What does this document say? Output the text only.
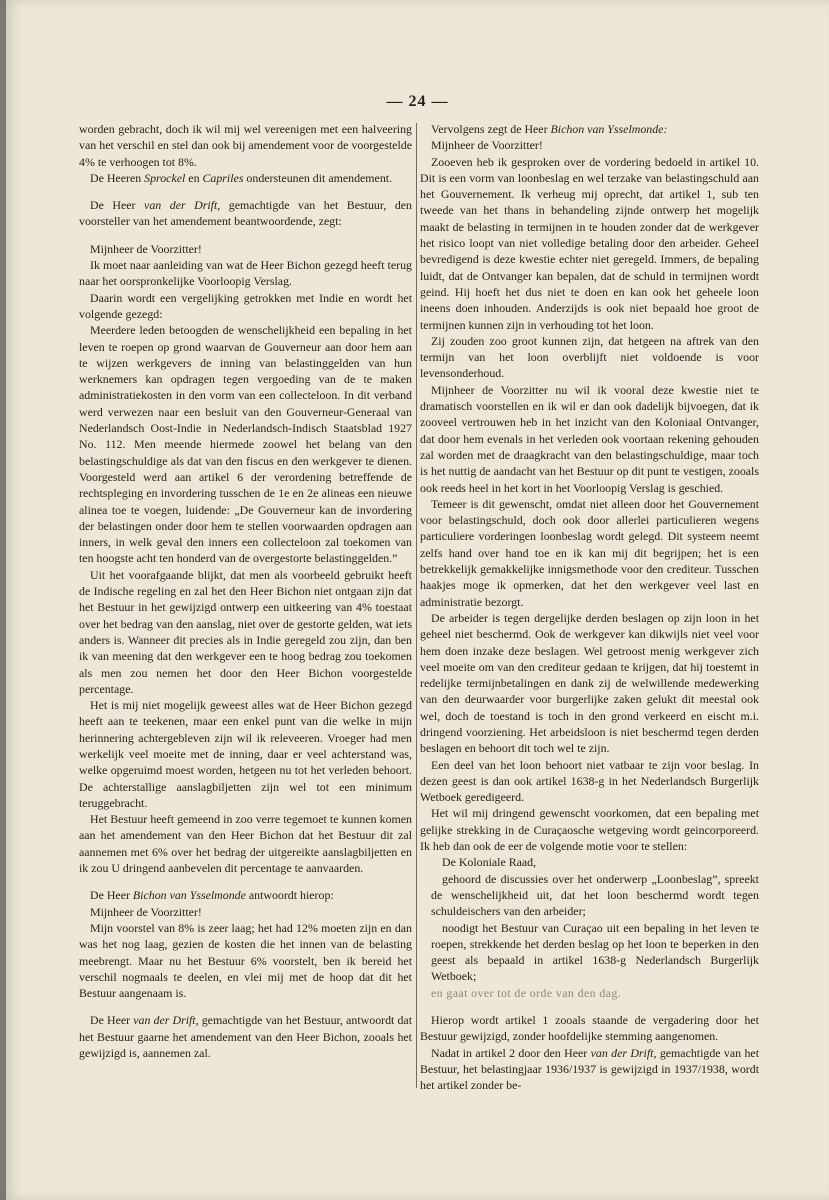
— 24 —

worden gebracht, doch ik wil mij wel vereenigen met een halveering van het verschil en stel dan ook bij amendement voor de voorgestelde 4% te verhoogen tot 8%.

De Heeren Sprockel en Capriles ondersteunen dit amendement.

De Heer van der Drift, gemachtigde van het Bestuur, den voorsteller van het amendement beantwoordende, zegt:

Mijnheer de Voorzitter!

Ik moet naar aanleiding van wat de Heer Bichon gezegd heeft terug naar het oorspronkelijke Voorloopig Verslag.

Daarin wordt een vergelijking getrokken met Indie en wordt het volgende gezegd:

Meerdere leden betoogden de wenschelijkheid een bepaling in het leven te roepen op grond waarvan de Gouverneur aan door hem aan te wijzen werkgevers de inning van belastinggelden van hun werknemers kan opdragen tegen vergoeding van de te maken administratiekosten in den vorm van een collecteloon. In dit verband werd verwezen naar een besluit van den Gouverneur-Generaal van Nederlandsch Oost-Indie in Nederlandsch-Indisch Staatsblad 1927 No. 112. Men meende hiermede zoowel het belang van den belastingschuldige als dat van den fiscus en den werkgever te dienen. Voorgesteld werd aan artikel 6 der verordening betreffende de rechtspleging en invordering tusschen de 1e en 2e alineas een nieuwe alinea toe te voegen, luidende: „De Gouverneur kan de invordering der belastingen onder door hem te stellen voorwaarden opdragen aan inners, in welk geval den inners een collecteloon zal toekomen van ten hoogste acht ten honderd van de overgestorte belastinggelden.”

Uit het voorafgaande blijkt, dat men als voorbeeld gebruikt heeft de Indische regeling en zal het den Heer Bichon niet ontgaan zijn dat het Bestuur in het gewijzigd ontwerp een uitkeering van 4% toestaat over het bedrag van den aanslag, niet over de gestorte gelden, wat iets anders is. Wanneer dit precies als in Indie geregeld zou zijn, dan ben ik van meening dat den werkgever een te hoog bedrag zou toekomen als men zou nemen het door den Heer Bichon voorgestelde percentage.

Het is mij niet mogelijk geweest alles wat de Heer Bichon gezegd heeft aan te teekenen, maar een enkel punt van die welke in mijn herinnering achtergebleven zijn wil ik releveeren. Vroeger had men werkelijk veel moeite met de inning, daar er veel achterstand was, welke opgeruimd moest worden, hetgeen nu tot het verleden behoort. De achterstallige aanslagbiljetten zijn wel tot een minimum teruggebracht.

Het Bestuur heeft gemeend in zoo verre tegemoet te kunnen komen aan het amendement van den Heer Bichon dat het Bestuur dit zal aannemen met 6% over het bedrag der uitgereikte aanslagbiljetten en ik zou U dringend aanbevelen dit percentage te aanvaarden.

De Heer Bichon van Ysselmonde antwoordt hierop:

Mijnheer de Voorzitter!

Mijn voorstel van 8% is zeer laag; het had 12% moeten zijn en dan was het nog laag, gezien de kosten die het innen van de belasting meebrengt. Maar nu het Bestuur 6% voorstelt, ben ik bereid het verschil nogmaals te deelen, en vlei mij met de hoop dat dit het Bestuur aangenaam is.

De Heer van der Drift, gemachtigde van het Bestuur, antwoordt dat het Bestuur gaarne het amendement van den Heer Bichon, zooals het gewijzigd is, aannemen zal.

Vervolgens zegt de Heer Bichon van Ysselmonde:

Mijnheer de Voorzitter!

Zooeven heb ik gesproken over de vordering bedoeld in artikel 10. Dit is een vorm van loonbeslag en wel terzake van belastingschuld aan het Gouvernement. Ik verheug mij oprecht, dat artikel 1, sub ten tweede van het thans in behandeling zijnde ontwerp het mogelijk maakt de belasting in termijnen in te houden zonder dat de werkgever het risico loopt van niet volledige betaling door den arbeider. Geheel bevredigend is deze kwestie echter niet geregeld. Immers, de bepaling luidt, dat de Ontvanger kan bepalen, dat de schuld in termijnen wordt geind. Hij hoeft het dus niet te doen en kan ook het geheele loon ineens doen inhouden. Anderzijds is ook niet bepaald hoe groot de termijnen kunnen zijn in verhouding tot het loon.

Zij zouden zoo groot kunnen zijn, dat hetgeen na aftrek van den termijn van het loon overblijft niet voldoende is voor levensonderhoud.

Mijnheer de Voorzitter nu wil ik vooral deze kwestie niet te dramatisch voorstellen en ik wil er dan ook dadelijk bijvoegen, dat ik zooveel vertrouwen heb in het inzicht van den Koloniaal Ontvanger, dat door hem evenals in het verleden ook voortaan rekening gehouden zal worden met de draagkracht van den belastingschuldige, maar toch is het nuttig de aandacht van het Bestuur op dit punt te vestigen, zooals ook reeds heel in het kort in het Voorloopig Verslag is geschied.

Temeer is dit gewenscht, omdat niet alleen door het Gouvernement voor belastingschuld, doch ook door allerlei particulieren wegens particuliere vorderingen loonbeslag wordt gelegd. Dit systeem neemt zelfs hand over hand toe en ik kan mij dit begrijpen; het is een betrekkelijk gemakkelijke innigsmethode voor den crediteur. Tusschen haakjes moge ik opmerken, dat het den werkgever veel last en administratie bezorgt.

De arbeider is tegen dergelijke derden beslagen op zijn loon in het geheel niet beschermd. Ook de werkgever kan dikwijls niet veel voor hem doen inzake deze beslagen. Wel getroost menig werkgever zich veel moeite om van den crediteur gedaan te krijgen, dat hij toestemt in redelijke termijnbetalingen en dank zij de welwillende medewerking van den deurwaarder voor burgerlijke zaken gelukt dit meestal ook wel, doch de toestand is toch in den grond verkeerd en eischt m.i. dringend voorziening. Het arbeidsloon is niet beschermd tegen derden beslagen en behoort dit toch wel te zijn.

Een deel van het loon behoort niet vatbaar te zijn voor beslag. In dezen geest is dan ook artikel 1638-g in het Nederlandsch Burgerlijk Wetboek geredigeerd.

Het wil mij dringend gewenscht voorkomen, dat een bepaling met gelijke strekking in de Curaçaosche wetgeving wordt geincorporeerd. Ik heb dan ook de eer de volgende motie voor te stellen:

De Koloniale Raad,

gehoord de discussies over het onderwerp „Loonbeslag”, spreekt de wenschelijkheid uit, dat het loon beschermd wordt tegen schuldeischers van den arbeider;

noodigt het Bestuur van Curaçao uit een bepaling in het leven te roepen, strekkende het derden beslag op het loon te beperken in den geest als bepaald in artikel 1638-g Nederlandsch Burgerlijk Wetboek;

en gaat over tot de orde van den dag.

Hierop wordt artikel 1 zooals staande de vergadering door het Bestuur gewijzigd, zonder hoofdelijke stemming aangenomen.

Nadat in artikel 2 door den Heer van der Drift, gemachtigde van het Bestuur, het belastingjaar 1936/1937 is gewijzigd in 1937/1938, wordt het artikel zonder be-
